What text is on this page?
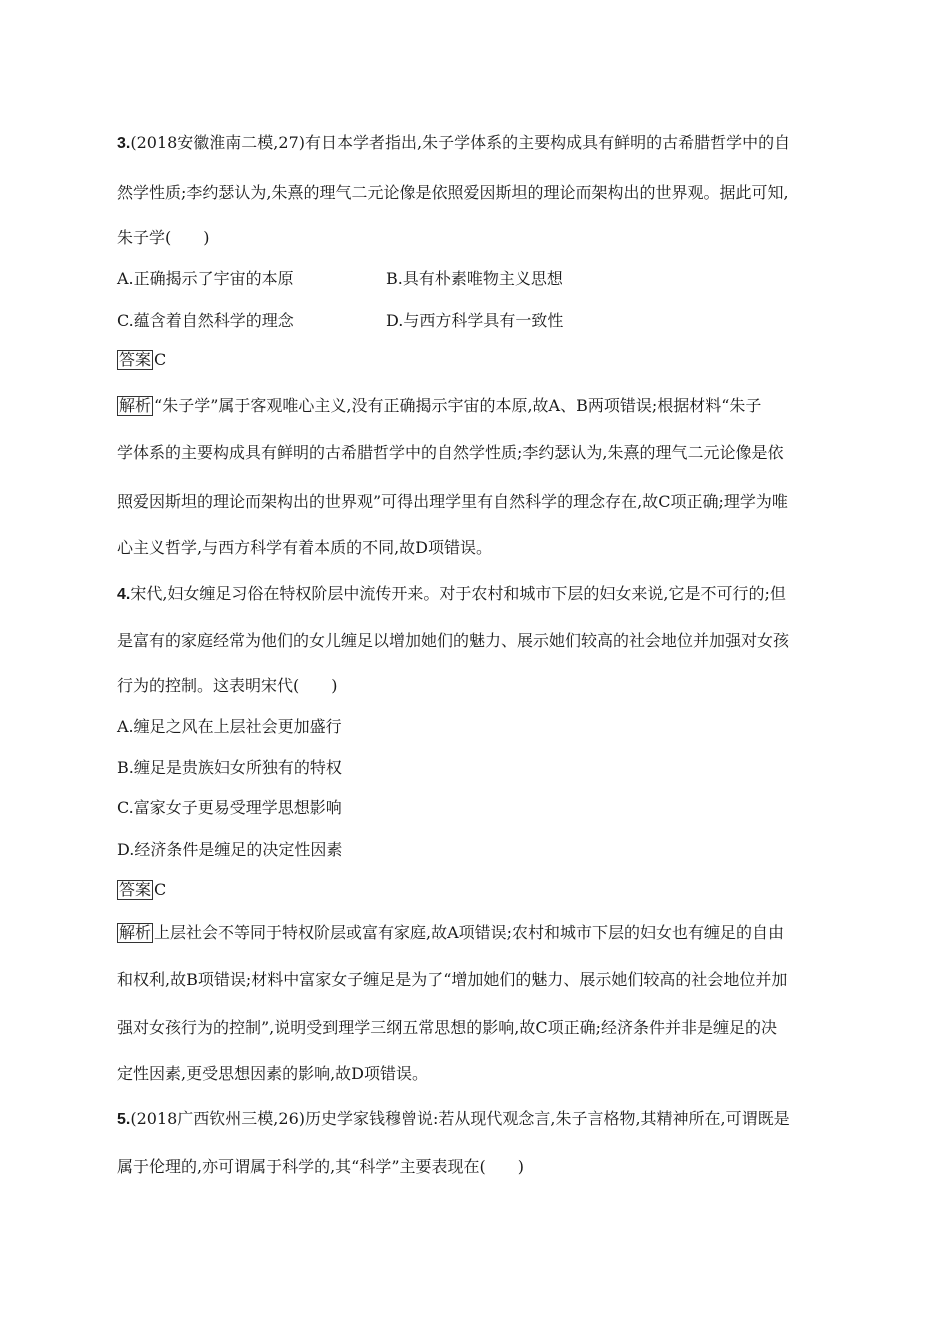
3.(2018安徽淮南二模,27)有日本学者指出,朱子学体系的主要构成具有鲜明的古希腊哲学中的自
然学性质;李约瑟认为,朱熹的理气二元论像是依照爱因斯坦的理论而架构出的世界观。据此可知,
朱子学(　　)
A.正确揭示了宇宙的本原	B.具有朴素唯物主义思想
C.蕴含着自然科学的理念	D.与西方科学具有一致性
答案 C
解析 “朱子学”属于客观唯心主义,没有正确揭示宇宙的本原,故A、B两项错误;根据材料“朱子
学体系的主要构成具有鲜明的古希腊哲学中的自然学性质;李约瑟认为,朱熹的理气二元论像是依
照爱因斯坦的理论而架构出的世界观”可得出理学里有自然科学的理念存在,故C项正确;理学为唯
心主义哲学,与西方科学有着本质的不同,故D项错误。
4.宋代,妇女缠足习俗在特权阶层中流传开来。对于农村和城市下层的妇女来说,它是不可行的;但
是富有的家庭经常为他们的女儿缠足以增加她们的魅力、展示她们较高的社会地位并加强对女孩
行为的控制。这表明宋代(　　)
A.缠足之风在上层社会更加盛行
B.缠足是贵族妇女所独有的特权
C.富家女子更易受理学思想影响
D.经济条件是缠足的决定性因素
答案 C
解析 上层社会不等同于特权阶层或富有家庭,故A项错误;农村和城市下层的妇女也有缠足的自由
和权利,故B项错误;材料中富家女子缠足是为了“增加她们的魅力、展示她们较高的社会地位并加
强对女孩行为的控制”,说明受到理学三纲五常思想的影响,故C项正确;经济条件并非是缠足的决
定性因素,更受思想因素的影响,故D项错误。
5.(2018广西钦州三模,26)历史学家钱穆曾说:若从现代观念言,朱子言格物,其精神所在,可谓既是
属于伦理的,亦可谓属于科学的,其“科学”主要表现在(　　)
